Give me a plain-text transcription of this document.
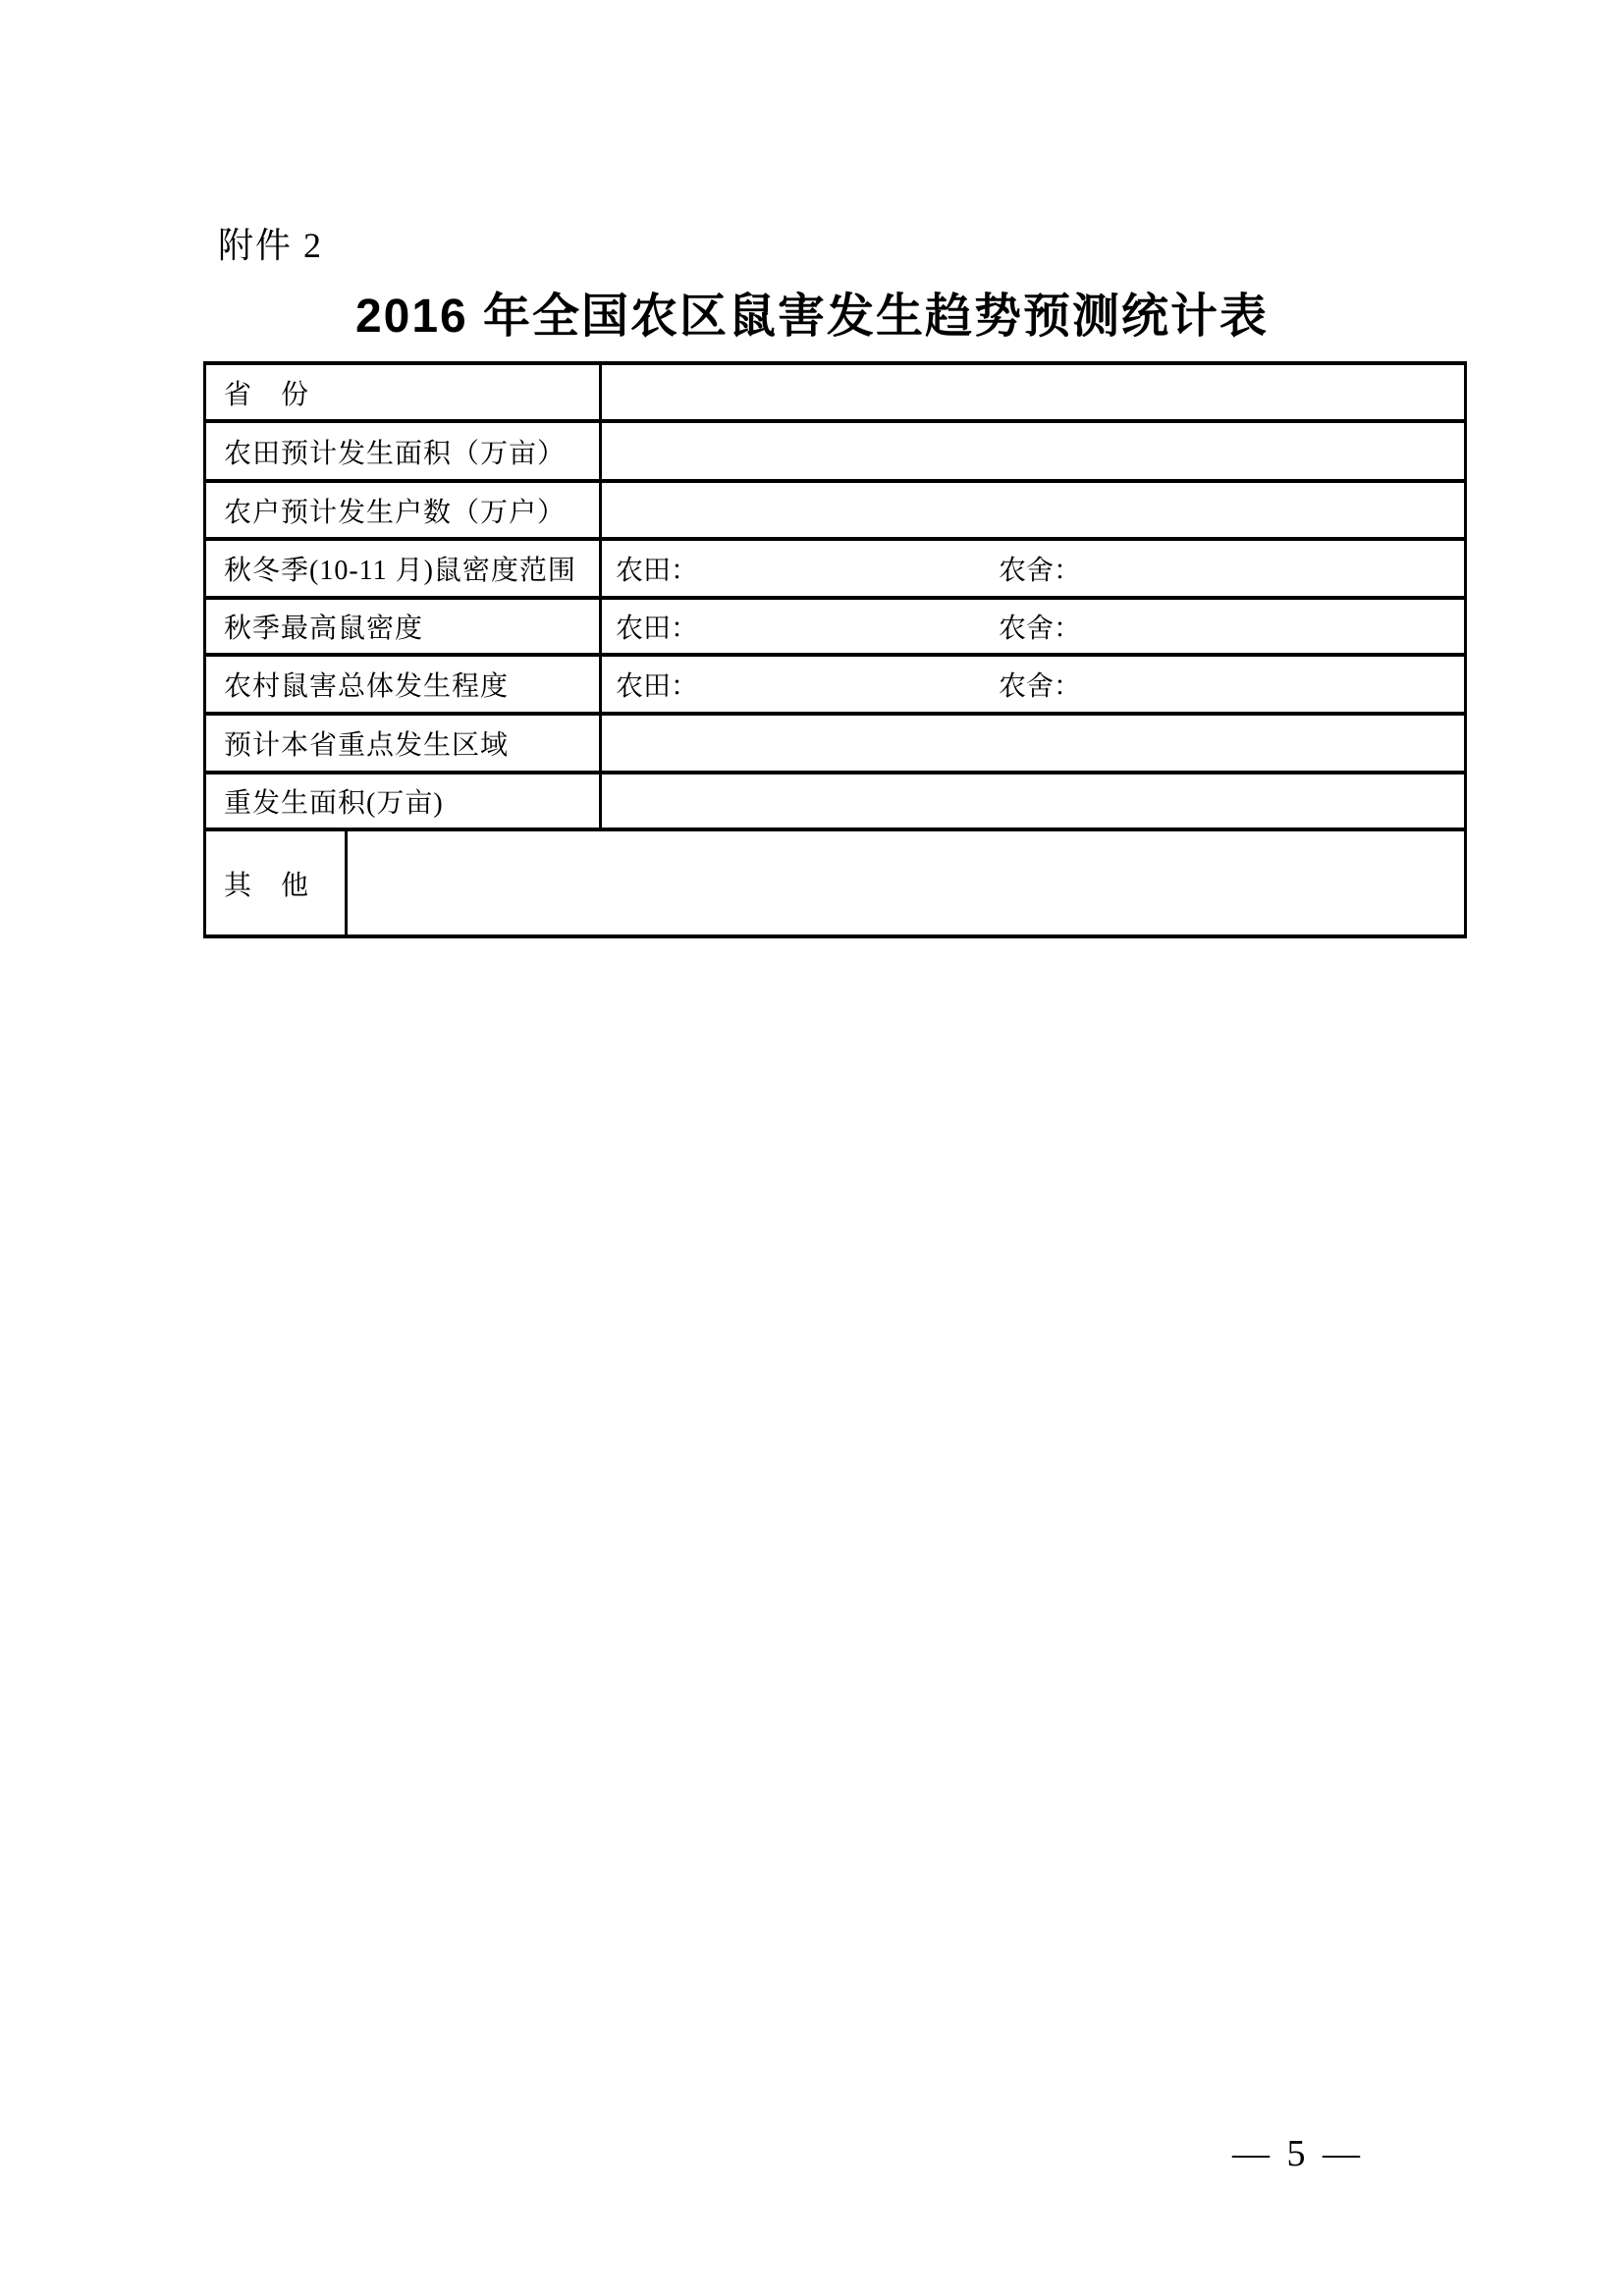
附件 2
2016 年全国农区鼠害发生趋势预测统计表
省　份
农田预计发生面积（万亩）
农户预计发生户数（万户）
秋冬季(10-11 月)鼠密度范围	农田：	农舍：
秋季最高鼠密度	农田：	农舍：
农村鼠害总体发生程度	农田：	农舍：
预计本省重点发生区域
重发生面积(万亩)
其　他
— 5 —
